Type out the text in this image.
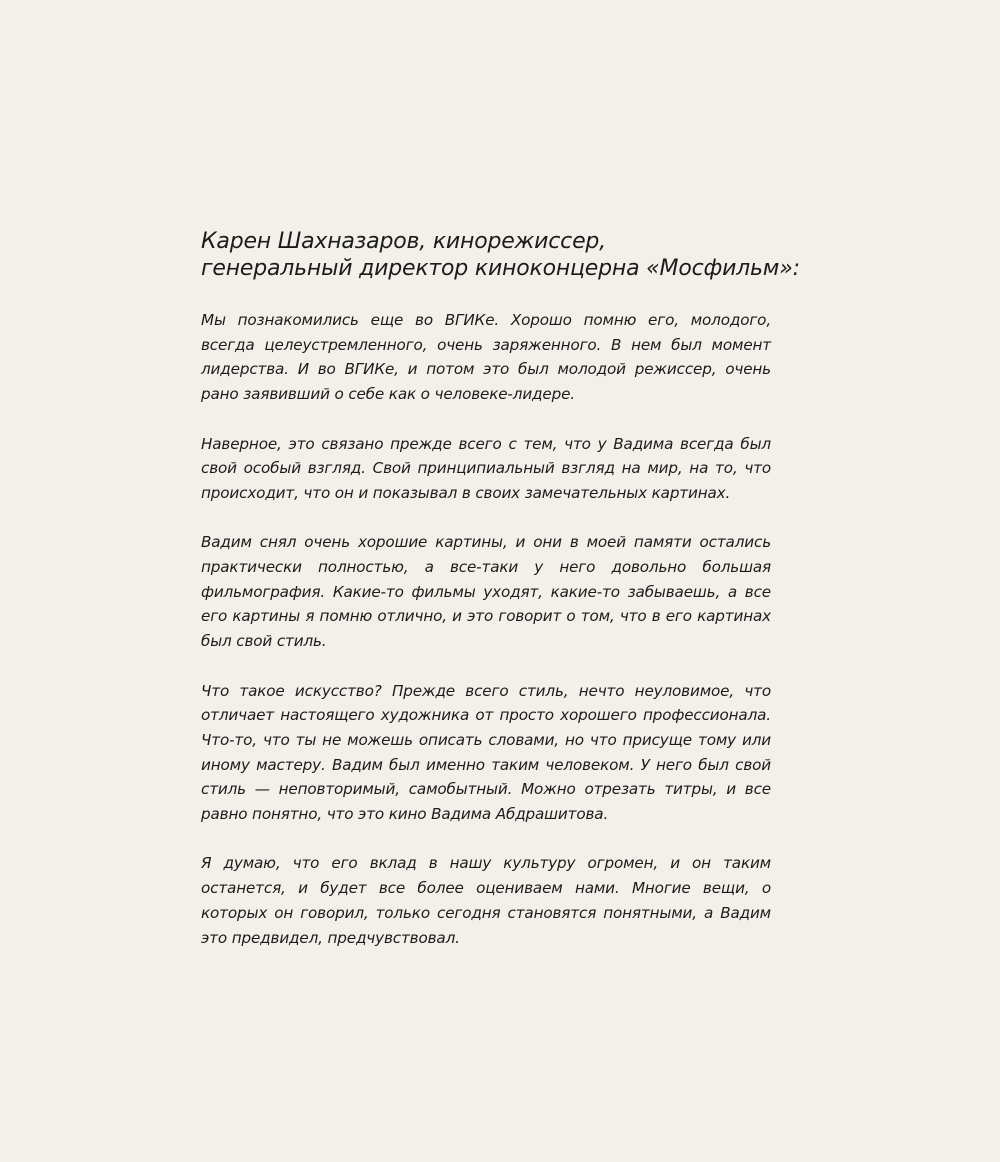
Карен Шахназаров, кинорежиссер,
генеральный директор киноконцерна «Мосфильм»:

Мы познакомились еще во ВГИКе. Хорошо помню его, молодого, всегда целеустремленного, очень заряженного. В нем был момент лидерства. И во ВГИКе, и потом это был молодой режиссер, очень рано заявивший о себе как о человеке-лидере.

Наверное, это связано прежде всего с тем, что у Вадима всегда был свой особый взгляд. Свой принципиальный взгляд на мир, на то, что происходит, что он и показывал в своих замечательных картинах.

Вадим снял очень хорошие картины, и они в моей памяти остались практически полностью, а все-таки у него довольно большая фильмография. Какие-то фильмы уходят, какие-то забываешь, а все его картины я помню отлично, и это говорит о том, что в его картинах был свой стиль.

Что такое искусство? Прежде всего стиль, нечто неуловимое, что отличает настоящего художника от просто хорошего профессионала. Что-то, что ты не можешь описать словами, но что присуще тому или иному мастеру. Вадим был именно таким человеком. У него был свой стиль — неповторимый, самобытный. Можно отрезать титры, и все равно понятно, что это кино Вадима Абдрашитова.

Я думаю, что его вклад в нашу культуру огромен, и он таким останется, и будет все более оцениваем нами. Многие вещи, о которых он говорил, только сегодня становятся понятными, а Вадим это предвидел, предчувствовал.
